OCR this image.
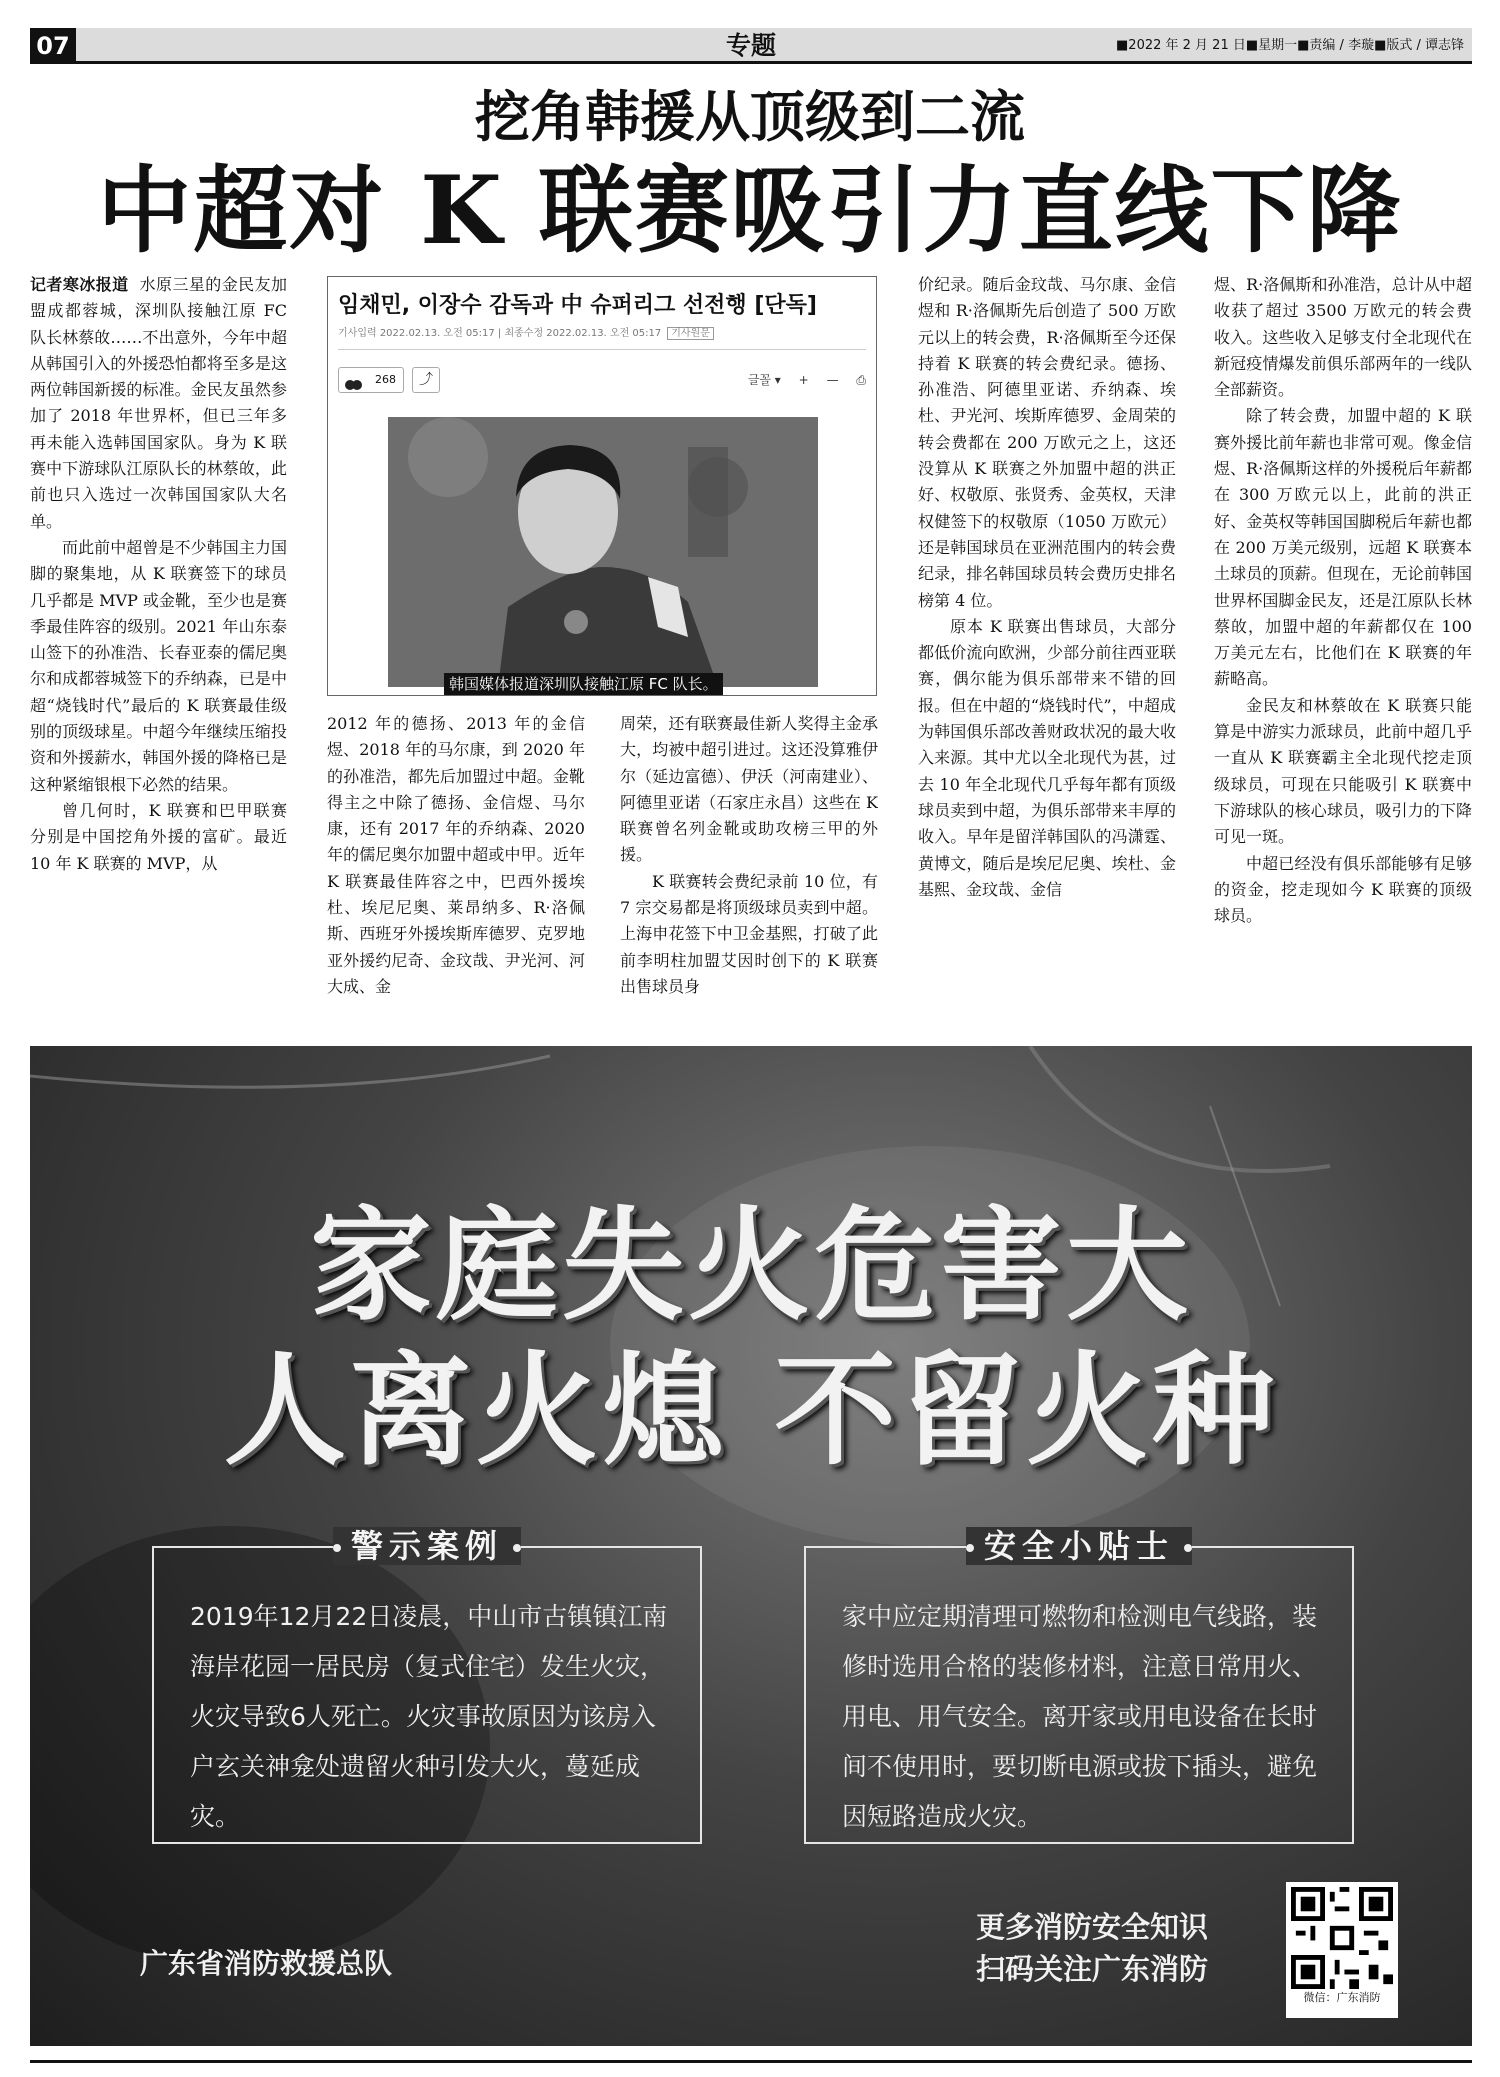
07	专题	■2022 年 2 月 21 日■星期一■责编 / 李璇■版式 / 谭志锋
挖角韩援从顶级到二流
中超对 K 联赛吸引力直线下降

记者寒冰报道 水原三星的金民友加盟成都蓉城，深圳队接触江原 FC 队长林蔡敀……不出意外，今年中超从韩国引入的外援恐怕都将至多是这两位韩国新援的标准。金民友虽然参加了 2018 年世界杯，但已三年多再未能入选韩国国家队。身为 K 联赛中下游球队江原队长的林蔡敀，此前也只入选过一次韩国国家队大名单。

而此前中超曾是不少韩国主力国脚的聚集地，从 K 联赛签下的球员几乎都是 MVP 或金靴，至少也是赛季最佳阵容的级别。2021 年山东泰山签下的孙准浩、长春亚泰的儒尼奥尔和成都蓉城签下的乔纳森，已是中超“烧钱时代”最后的 K 联赛最佳级别的顶级球星。中超今年继续压缩投资和外援薪水，韩国外援的降格已是这种紧缩银根下必然的结果。

曾几何时，K 联赛和巴甲联赛分别是中国挖角外援的富矿。最近 10 年 K 联赛的 MVP，从

임채민, 이장수 감독과 中 슈퍼리그 선전행 [단독]
기사입력 2022.02.13. 오전 05:17 | 최종수정 2022.02.13. 오전 05:17 기사원문
268	⤴	글꼴 ▾ + — ⎙
韩国媒体报道深圳队接触江原 FC 队长。

2012 年的德扬、2013 年的金信煜、2018 年的马尔康，到 2020 年的孙准浩，都先后加盟过中超。金靴得主之中除了德扬、金信煜、马尔康，还有 2017 年的乔纳森、2020 年的儒尼奥尔加盟中超或中甲。近年 K 联赛最佳阵容之中，巴西外援埃杜、埃尼尼奥、莱昂纳多、R·洛佩斯、西班牙外援埃斯库德罗、克罗地亚外援约尼奇、金玟哉、尹光河、河大成、金

周荣，还有联赛最佳新人奖得主金承大，均被中超引进过。这还没算雅伊尔（延边富德）、伊沃（河南建业）、阿德里亚诺（石家庄永昌）这些在 K 联赛曾名列金靴或助攻榜三甲的外援。

K 联赛转会费纪录前 10 位，有 7 宗交易都是将顶级球员卖到中超。上海申花签下中卫金基熙，打破了此前李明柱加盟艾因时创下的 K 联赛出售球员身

价纪录。随后金玟哉、马尔康、金信煜和 R·洛佩斯先后创造了 500 万欧元以上的转会费，R·洛佩斯至今还保持着 K 联赛的转会费纪录。德扬、孙准浩、阿德里亚诺、乔纳森、埃杜、尹光河、埃斯库德罗、金周荣的转会费都在 200 万欧元之上，这还没算从 K 联赛之外加盟中超的洪正好、权敬原、张贤秀、金英权，天津权健签下的权敬原（1050 万欧元）还是韩国球员在亚洲范围内的转会费纪录，排名韩国球员转会费历史排名榜第 4 位。

原本 K 联赛出售球员，大部分都低价流向欧洲，少部分前往西亚联赛，偶尔能为俱乐部带来不错的回报。但在中超的“烧钱时代”，中超成为韩国俱乐部改善财政状况的最大收入来源。其中尤以全北现代为甚，过去 10 年全北现代几乎每年都有顶级球员卖到中超，为俱乐部带来丰厚的收入。早年是留洋韩国队的冯潇霆、黄博文，随后是埃尼尼奥、埃杜、金基熙、金玟哉、金信

煜、R·洛佩斯和孙准浩，总计从中超收获了超过 3500 万欧元的转会费收入。这些收入足够支付全北现代在新冠疫情爆发前俱乐部两年的一线队全部薪资。

除了转会费，加盟中超的 K 联赛外援比前年薪也非常可观。像金信煜、R·洛佩斯这样的外援税后年薪都在 300 万欧元以上，此前的洪正好、金英权等韩国国脚税后年薪也都在 200 万美元级别，远超 K 联赛本土球员的顶薪。但现在，无论前韩国世界杯国脚金民友，还是江原队长林蔡敀，加盟中超的年薪都仅在 100 万美元左右，比他们在 K 联赛的年薪略高。

金民友和林蔡敀在 K 联赛只能算是中游实力派球员，此前中超几乎一直从 K 联赛霸主全北现代挖走顶级球员，可现在只能吸引 K 联赛中下游球队的核心球员，吸引力的下降可见一斑。

中超已经没有俱乐部能够有足够的资金，挖走现如今 K 联赛的顶级球员。

家庭失火危害大
人离火熄 不留火种
警示案例
2019年12月22日凌晨，中山市古镇镇江南海岸花园一居民房（复式住宅）发生火灾，火灾导致6人死亡。火灾事故原因为该房入户玄关神龛处遗留火种引发大火，蔓延成灾。
安全小贴士
家中应定期清理可燃物和检测电气线路，装修时选用合格的装修材料，注意日常用火、用电、用气安全。离开家或用电设备在长时间不使用时，要切断电源或拔下插头，避免因短路造成火灾。
广东省消防救援总队
更多消防安全知识
扫码关注广东消防
微信：广东消防
